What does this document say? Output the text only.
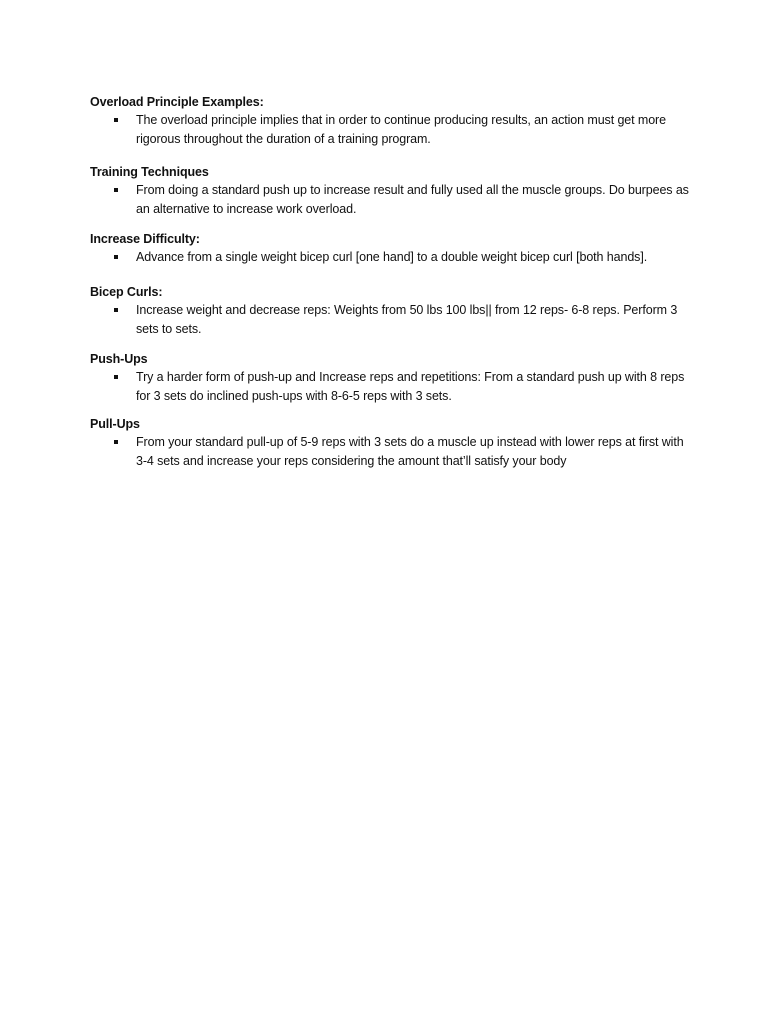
Overload Principle Examples:

The overload principle implies that in order to continue producing results, an action must get more rigorous throughout the duration of a training program.

Training Techniques

From doing a standard push up to increase result and fully used all the muscle groups. Do burpees as an alternative to increase work overload.

Increase Difficulty:

Advance from a single weight bicep curl [one hand] to a double weight bicep curl [both hands].

Bicep Curls:

Increase weight and decrease reps: Weights from 50 lbs 100 lbs|| from 12 reps- 6-8 reps. Perform 3 sets to sets.

Push-Ups

Try a harder form of push-up and Increase reps and repetitions: From a standard push up with 8 reps for 3 sets do inclined push-ups with 8-6-5 reps with 3 sets.

Pull-Ups

From your standard pull-up of 5-9 reps with 3 sets do a muscle up instead with lower reps at first with 3-4 sets and increase your reps considering the amount that’ll satisfy your body
